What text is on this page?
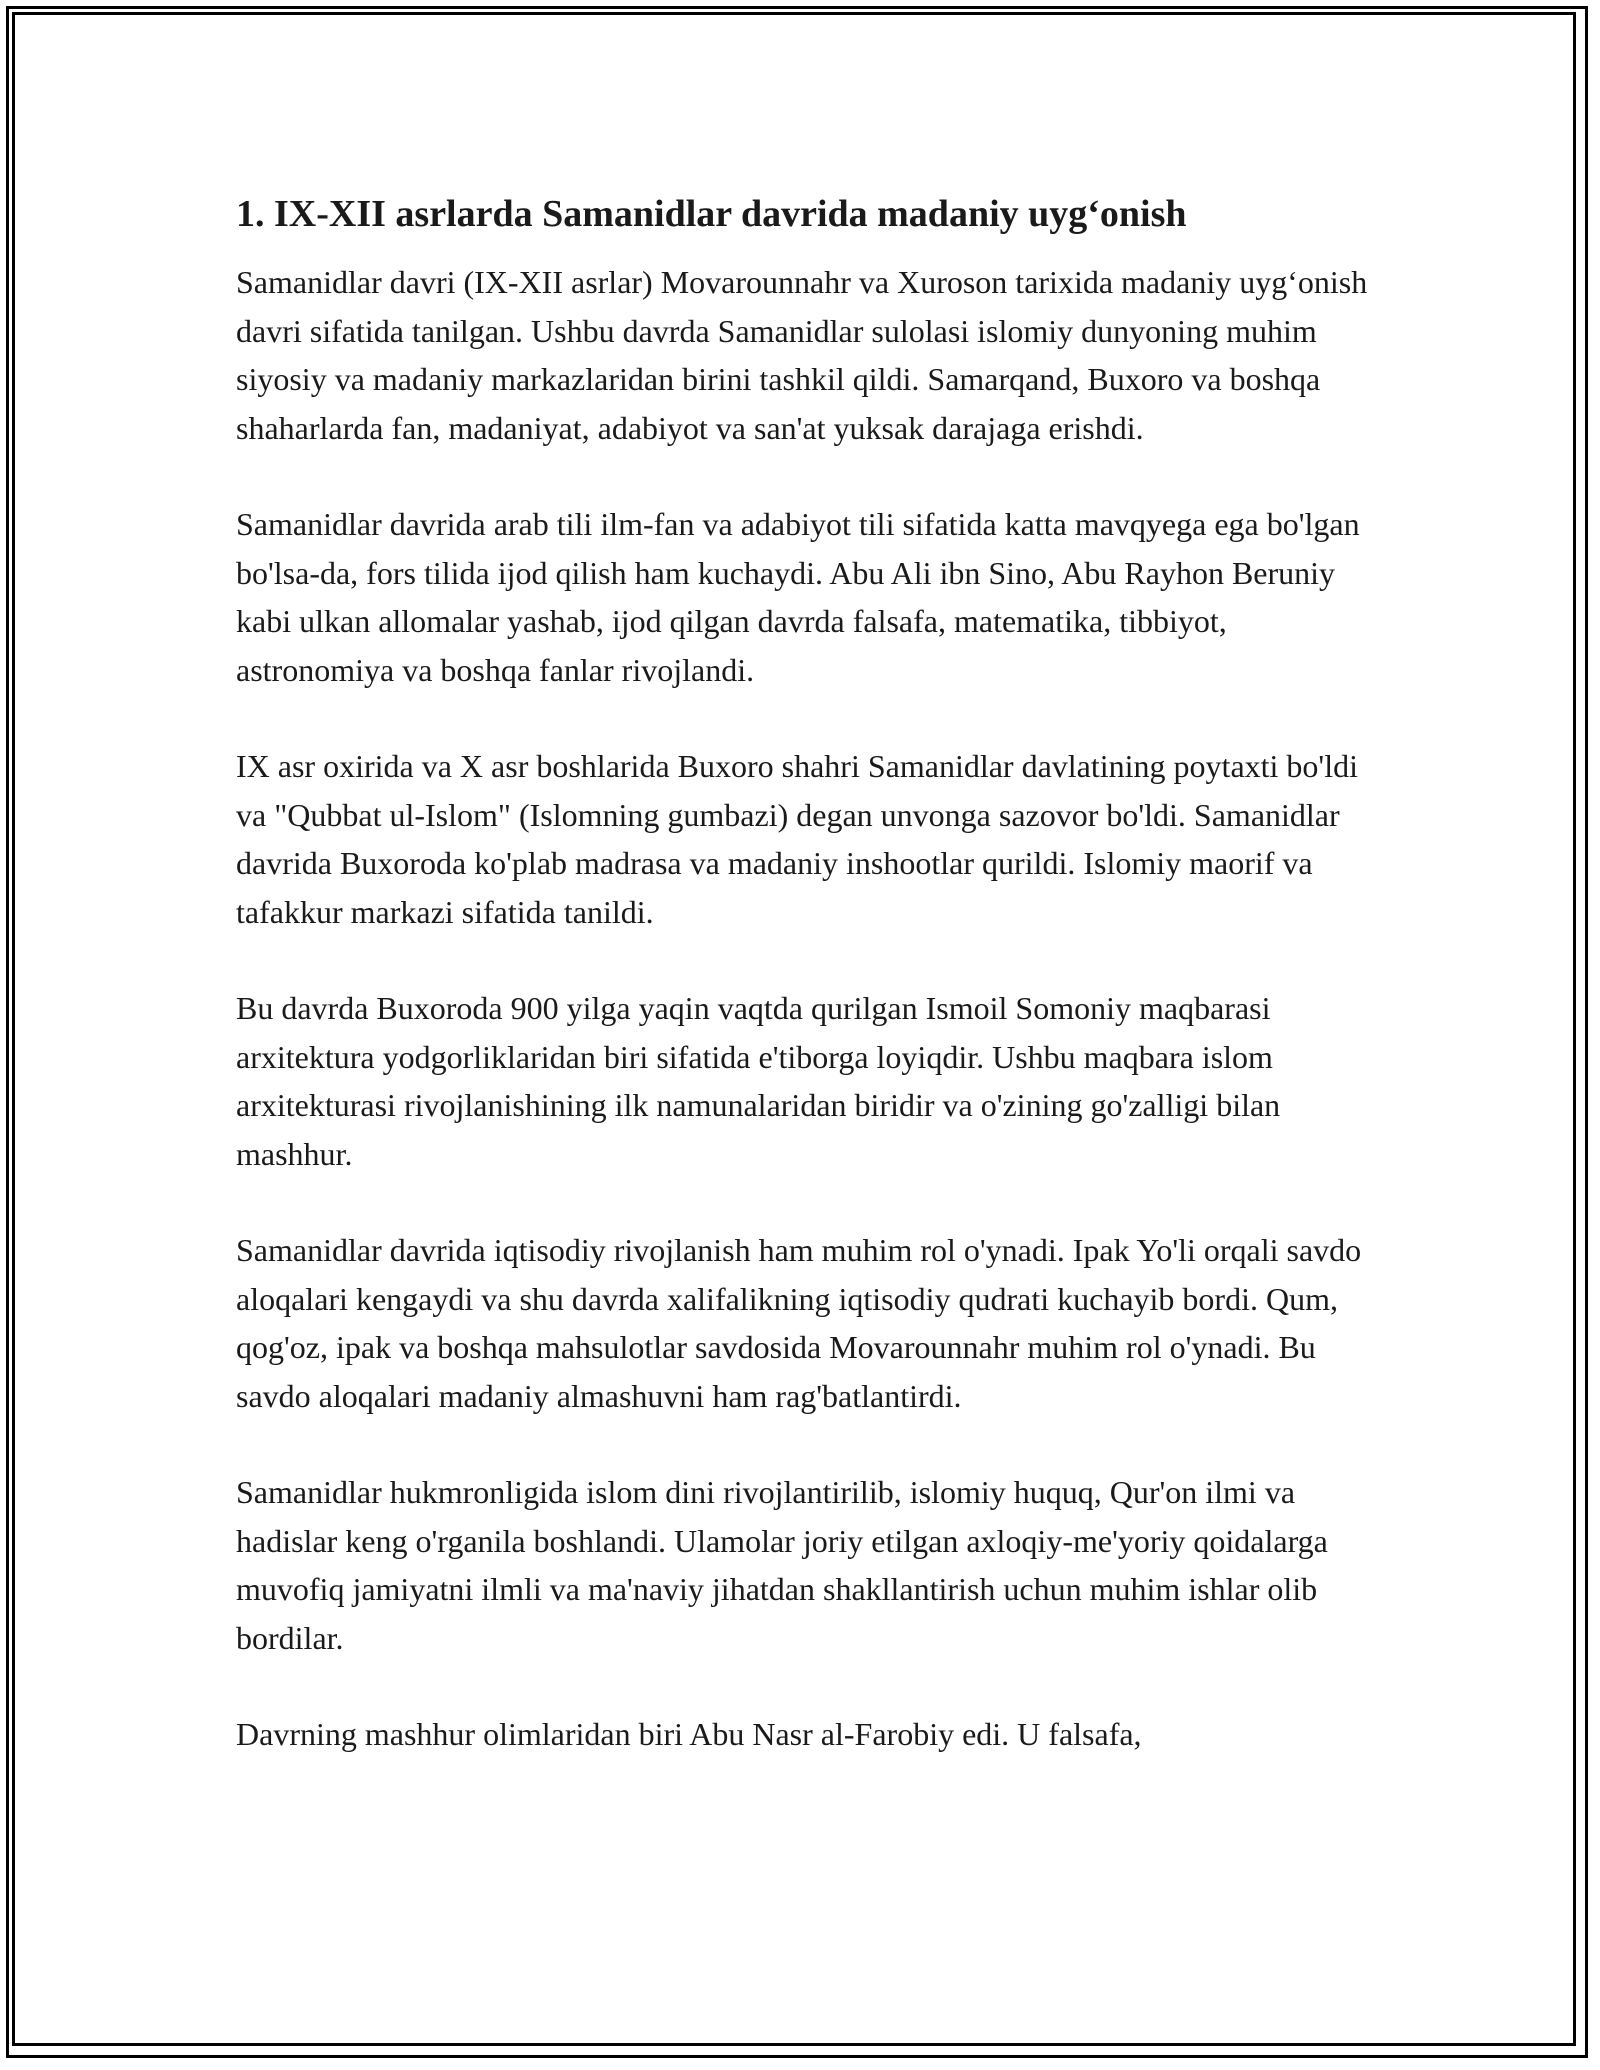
1. IX-XII asrlarda Samanidlar davrida madaniy uyg‘onish

Samanidlar davri (IX-XII asrlar) Movarounnahr va Xuroson tarixida madaniy uyg‘onish davri sifatida tanilgan. Ushbu davrda Samanidlar sulolasi islomiy dunyoning muhim siyosiy va madaniy markazlaridan birini tashkil qildi. Samarqand, Buxoro va boshqa shaharlarda fan, madaniyat, adabiyot va san'at yuksak darajaga erishdi.

Samanidlar davrida arab tili ilm-fan va adabiyot tili sifatida katta mavqyega ega bo'lgan bo'lsa-da, fors tilida ijod qilish ham kuchaydi. Abu Ali ibn Sino, Abu Rayhon Beruniy kabi ulkan allomalar yashab, ijod qilgan davrda falsafa, matematika, tibbiyot, astronomiya va boshqa fanlar rivojlandi.

IX asr oxirida va X asr boshlarida Buxoro shahri Samanidlar davlatining poytaxti bo'ldi va "Qubbat ul-Islom" (Islomning gumbazi) degan unvonga sazovor bo'ldi. Samanidlar davrida Buxoroda ko'plab madrasa va madaniy inshootlar qurildi. Islomiy maorif va tafakkur markazi sifatida tanildi.

Bu davrda Buxoroda 900 yilga yaqin vaqtda qurilgan Ismoil Somoniy maqbarasi arxitektura yodgorliklaridan biri sifatida e'tiborga loyiqdir. Ushbu maqbara islom arxitekturasi rivojlanishining ilk namunalaridan biridir va o'zining go'zalligi bilan mashhur.

Samanidlar davrida iqtisodiy rivojlanish ham muhim rol o'ynadi. Ipak Yo'li orqali savdo aloqalari kengaydi va shu davrda xalifalikning iqtisodiy qudrati kuchayib bordi. Qum, qog'oz, ipak va boshqa mahsulotlar savdosida Movarounnahr muhim rol o'ynadi. Bu savdo aloqalari madaniy almashuvni ham rag'batlantirdi.

Samanidlar hukmronligida islom dini rivojlantirilib, islomiy huquq, Qur'on ilmi va hadislar keng o'rganila boshlandi. Ulamolar joriy etilgan axloqiy-me'yoriy qoidalarga muvofiq jamiyatni ilmli va ma'naviy jihatdan shakllantirish uchun muhim ishlar olib bordilar.

Davrning mashhur olimlaridan biri Abu Nasr al-Farobiy edi. U falsafa,
